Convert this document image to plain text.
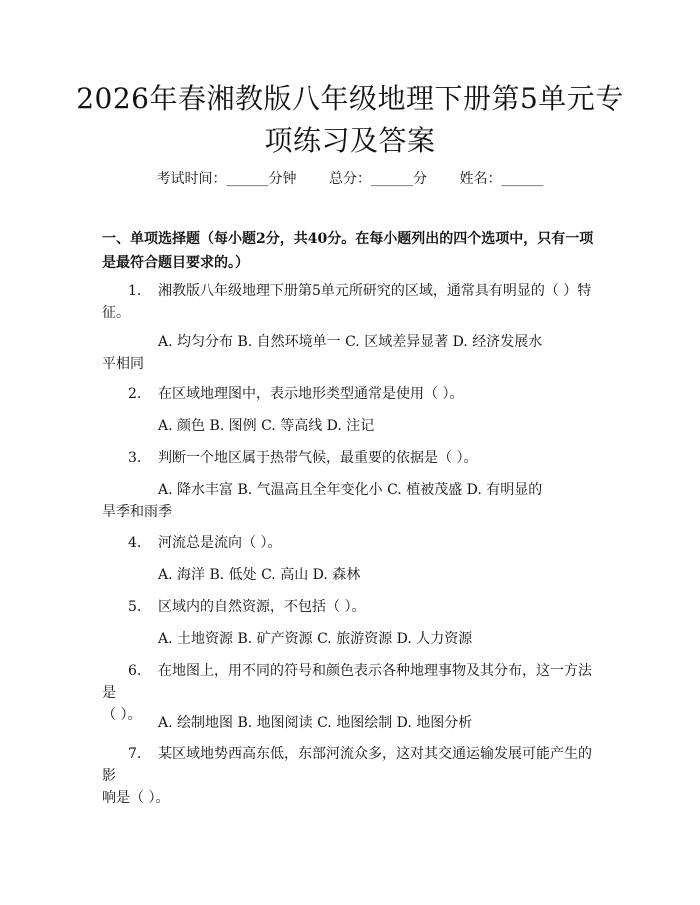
2026年春湘教版八年级地理下册第5单元专
项练习及答案
考试时间：______分钟 总分：______分 姓名：______
一、单项选择题（每小题2分，共40分。在每小题列出的四个选项中，只有一项
是最符合题目要求的。）
1. 湘教版八年级地理下册第5单元所研究的区域，通常具有明显的（ ）特
征。
A. 均匀分布 B. 自然环境单一 C. 区域差异显著 D. 经济发展水
平相同
2. 在区域地理图中，表示地形类型通常是使用（ ）。
A. 颜色 B. 图例 C. 等高线 D. 注记
3. 判断一个地区属于热带气候，最重要的依据是（ ）。
A. 降水丰富 B. 气温高且全年变化小 C. 植被茂盛 D. 有明显的
旱季和雨季
4. 河流总是流向（ ）。
A. 海洋 B. 低处 C. 高山 D. 森林
5. 区域内的自然资源，不包括（ ）。
A. 土地资源 B. 矿产资源 C. 旅游资源 D. 人力资源
6. 在地图上，用不同的符号和颜色表示各种地理事物及其分布，这一方法是
（ ）。	A. 绘制地图 B. 地图阅读 C. 地图绘制 D. 地图分析
7. 某区域地势西高东低，东部河流众多，这对其交通运输发展可能产生的影
响是（ ）。
